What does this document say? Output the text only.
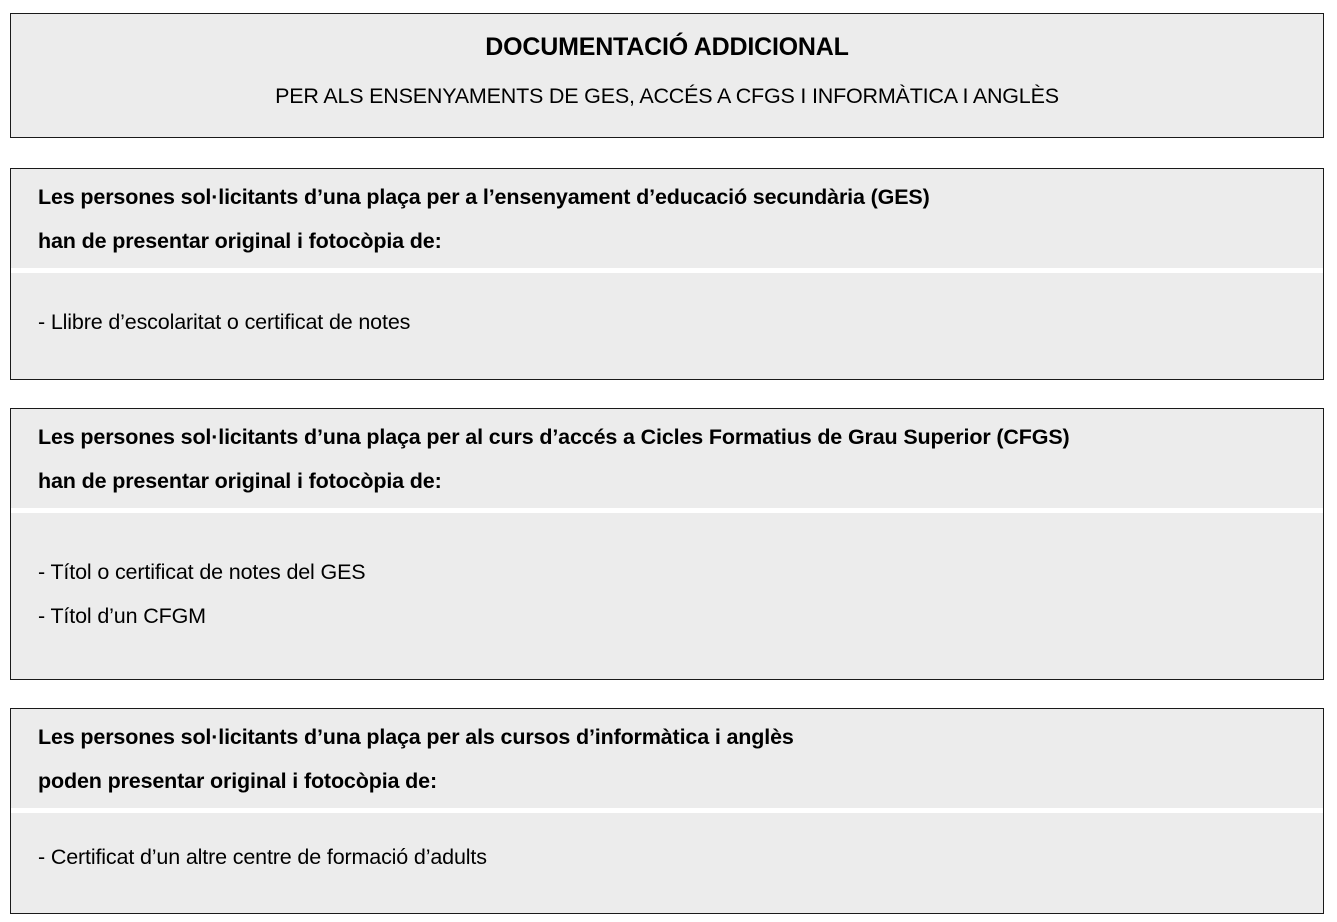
DOCUMENTACIÓ ADDICIONAL
PER ALS ENSENYAMENTS DE GES, ACCÉS A CFGS I INFORMÀTICA I ANGLÈS
Les persones sol·licitants d’una plaça per a l’ensenyament d’educació secundària (GES)
han de presentar original i fotocòpia de:
- Llibre d’escolaritat o certificat de notes
Les persones sol·licitants d’una plaça per al curs d’accés a Cicles Formatius de Grau Superior (CFGS)
han de presentar original i fotocòpia de:
- Títol o certificat de notes del GES
- Títol d’un CFGM
Les persones sol·licitants d’una plaça per als cursos d’informàtica i anglès
poden presentar original i fotocòpia de:
- Certificat d’un altre centre de formació d’adults
